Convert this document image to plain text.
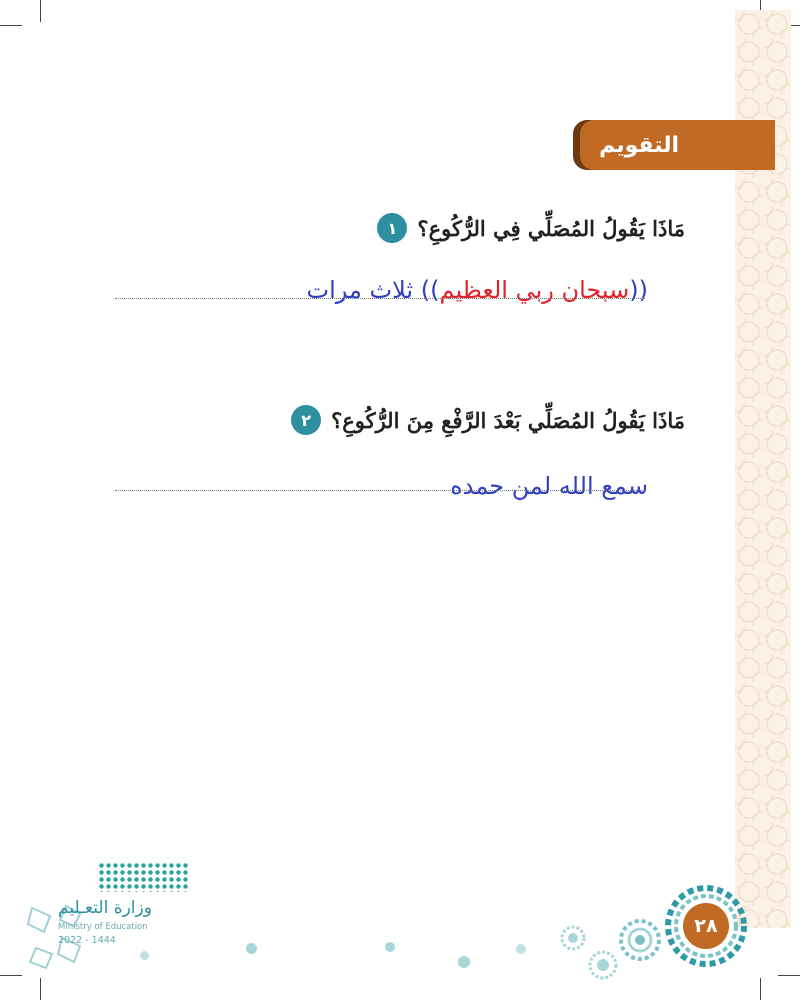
التقويم
١ مَاذَا يَقُولُ المُصَلِّي فِي الرُّكُوعِ؟
((سبحان ربي العظيم)) ثلاث مرات
٢ مَاذَا يَقُولُ المُصَلِّي بَعْدَ الرَّفْعِ مِنَ الرُّكُوعِ؟
سمع الله لمن حمده
وزارة التعـليم
Ministry of Education
2022 - 1444
٢٨
